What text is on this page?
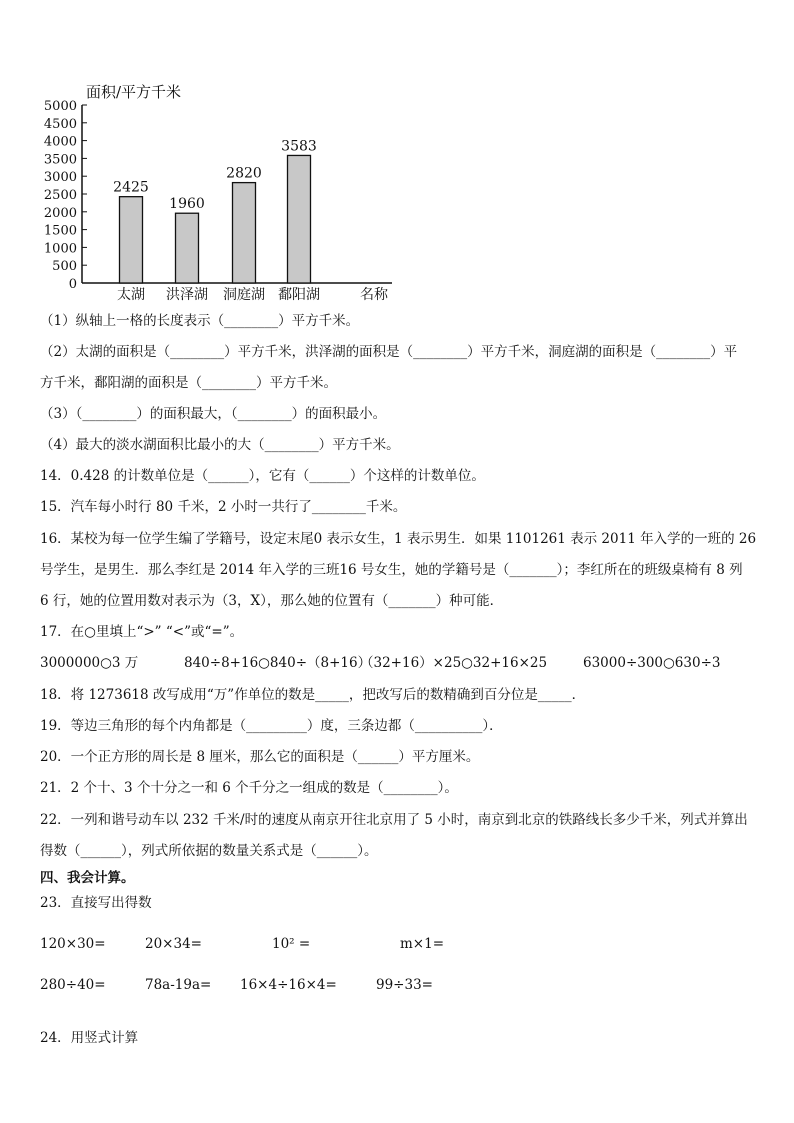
0
500
1000
1500
2000
2500
3000
3500
4000
4500
5000
2425
太湖
1960
洪泽湖
2820
洞庭湖
3583
鄱阳湖
面积/平方千米
名称
（1）纵轴上一格的长度表示（________）平方千米。
（2）太湖的面积是（________）平方千米，洪泽湖的面积是（________）平方千米，洞庭湖的面积是（________）平
方千米，鄱阳湖的面积是（________）平方千米。
（3）（________）的面积最大，（________）的面积最小。
（4）最大的淡水湖面积比最小的大（________）平方千米。
14．0.428 的计数单位是（______），它有（______）个这样的计数单位。
15．汽车每小时行 80 千米，2 小时一共行了________千米。
16．某校为每一位学生编了学籍号，设定末尾0 表示女生，1 表示男生．如果 1101261 表示 2011 年入学的一班的 26
号学生，是男生．那么李红是 2014 年入学的三班16 号女生，她的学籍号是（_______）；李红所在的班级桌椅有 8 列
6 行，她的位置用数对表示为（3，X），那么她的位置有（_______）种可能．
17．在○里填上“>” “<”或“=”。
3000000○3 万	840÷8+16○840÷（8+16）
（32+16）×25○32+16×25	63000÷300○630÷3
18．将 1273618 改写成用“万”作单位的数是_____，把改写后的数精确到百分位是_____．
19．等边三角形的每个内角都是（_________）度，三条边都（__________）．
20．一个正方形的周长是 8 厘米，那么它的面积是（______）平方厘米。
21．2 个十、3 个十分之一和 6 个千分之一组成的数是（________）。
22．一列和谐号动车以 232 千米/时的速度从南京开往北京用了 5 小时，南京到北京的铁路线长多少千米，列式并算出
得数（______），列式所依据的数量关系式是（______）。
四、我会计算。
23．直接写出得数
120×30=	20×34=	10² =	m×1=
280÷40=	78a-19a= 16×4÷16×4=	99÷33=
24．用竖式计算
